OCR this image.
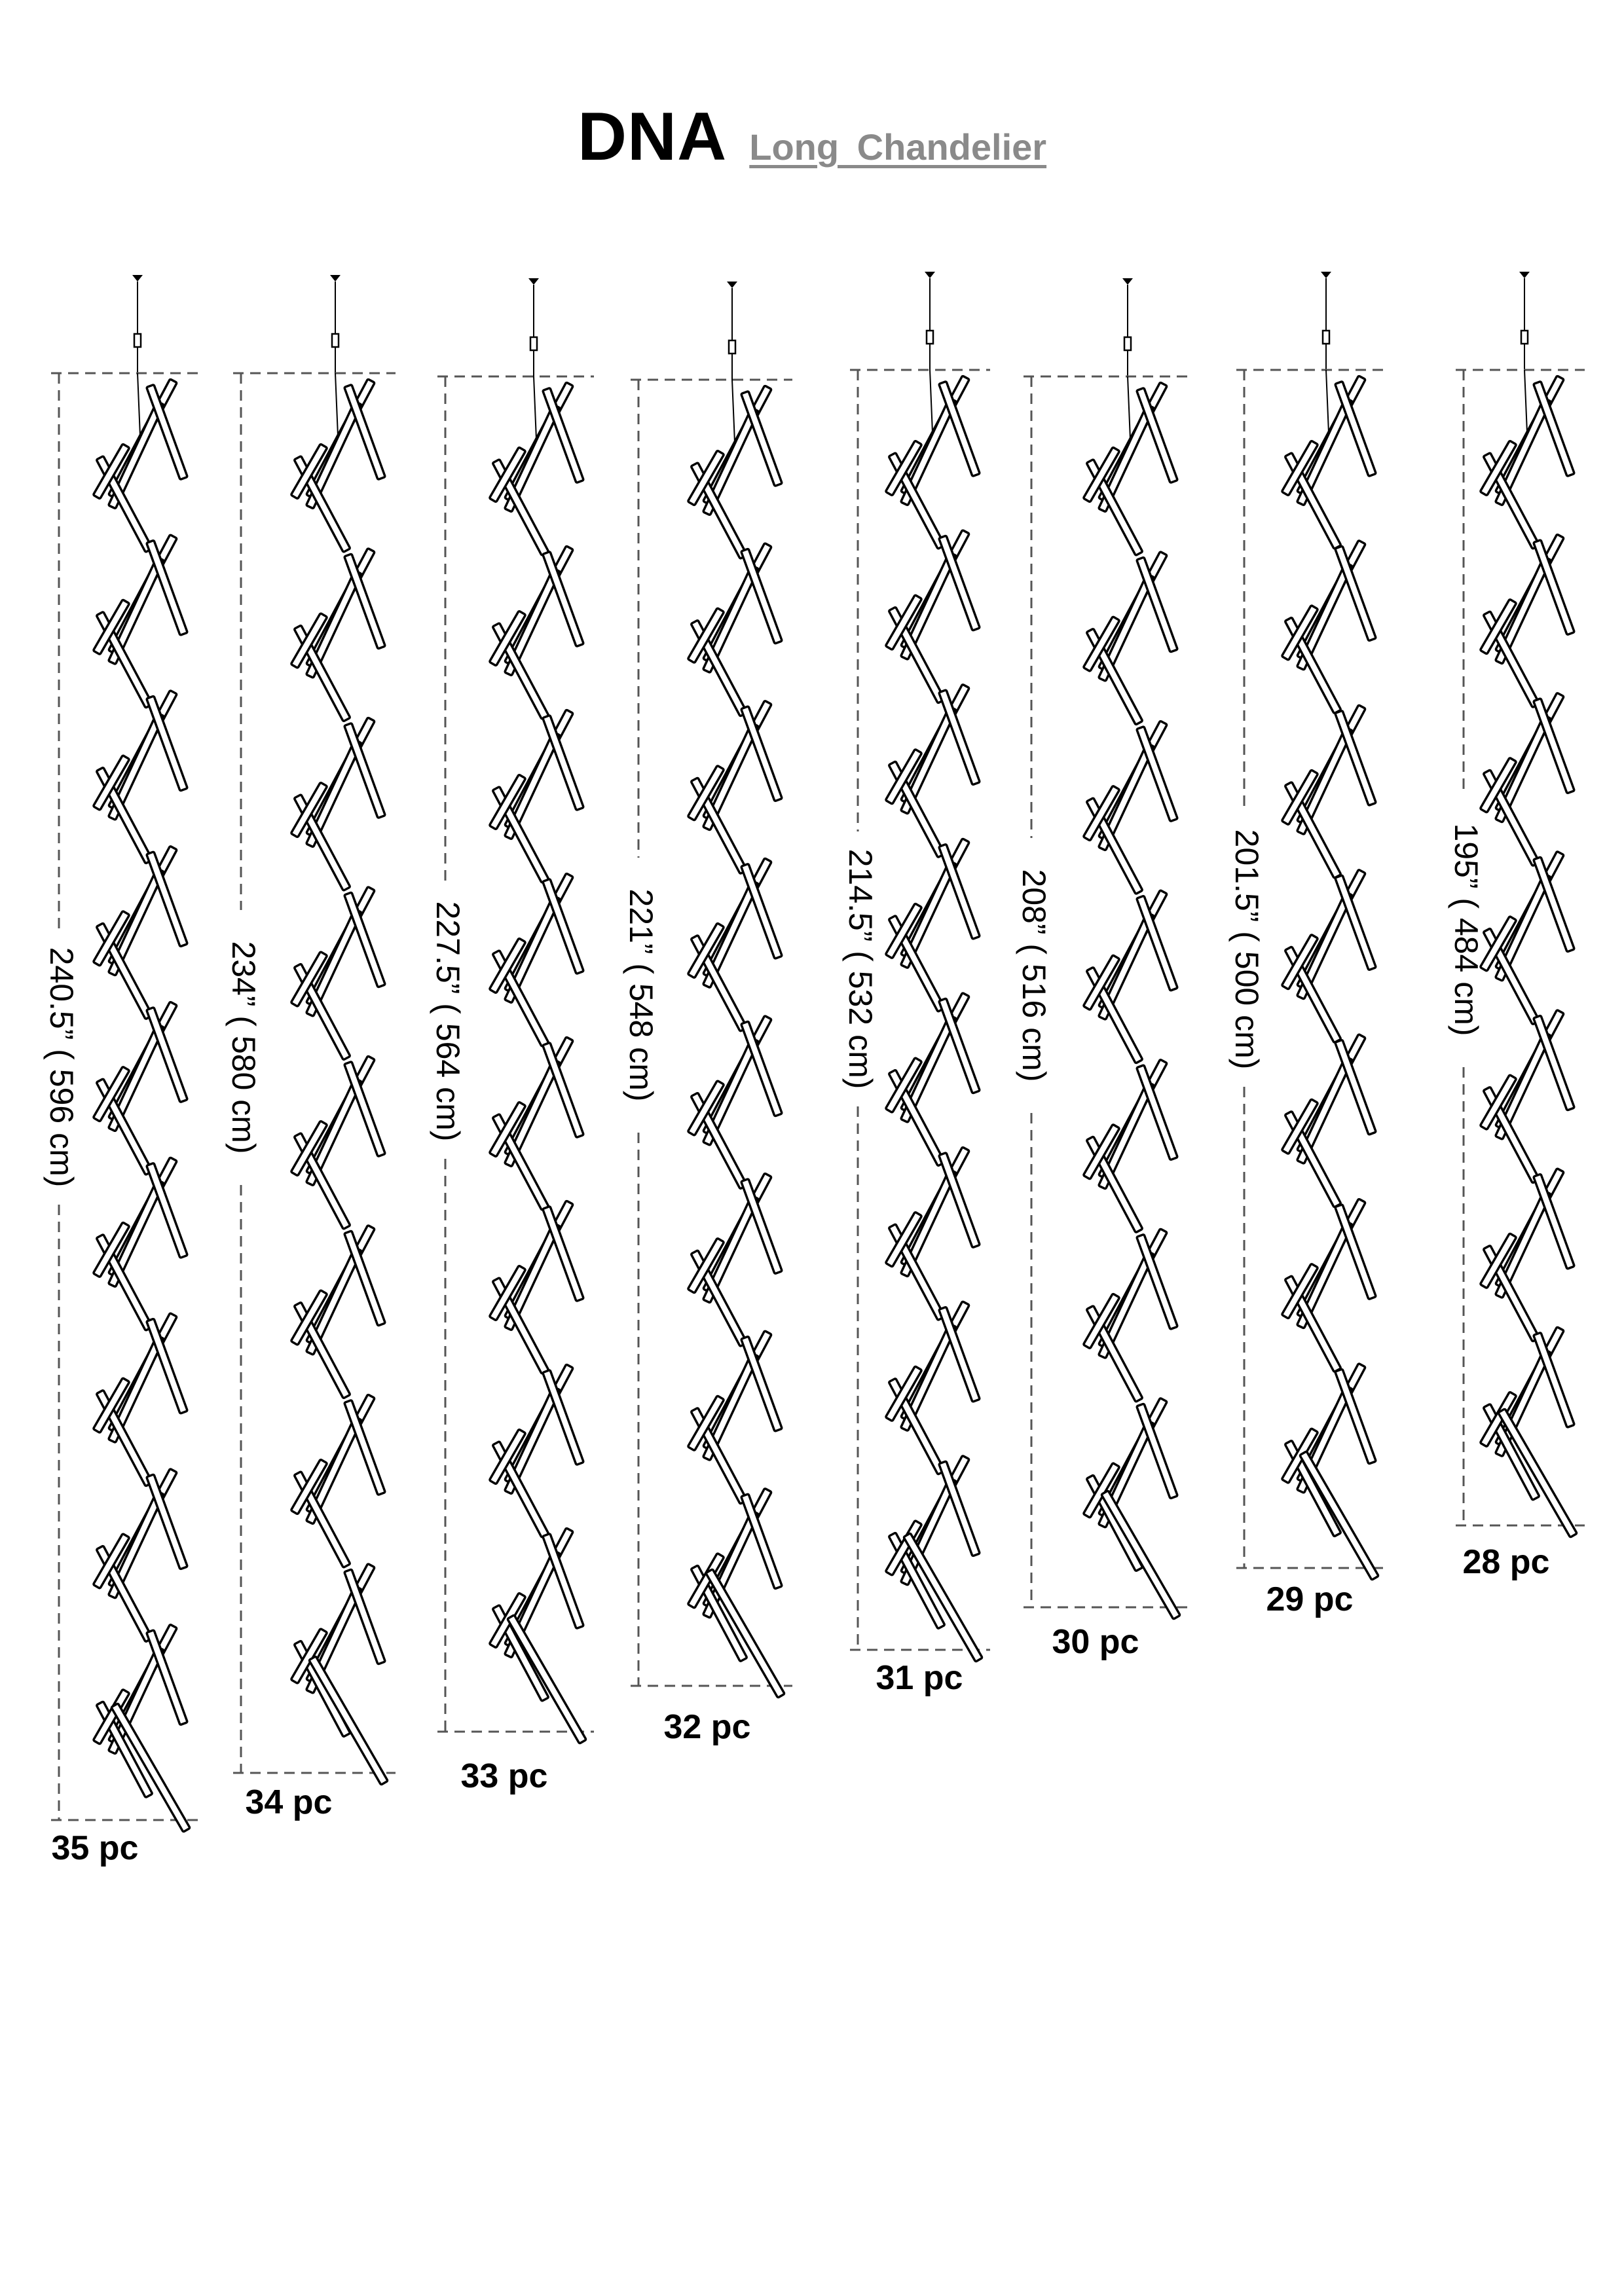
DNA Long Chandelier
240.5” ( 596 cm)
35 pc
234” ( 580 cm)
34 pc
227.5” ( 564 cm)
33 pc
221” ( 548 cm)
32 pc
214.5” ( 532 cm)
31 pc
208” ( 516 cm)
30 pc
201.5” ( 500 cm)
29 pc
195” ( 484 cm)
28 pc
